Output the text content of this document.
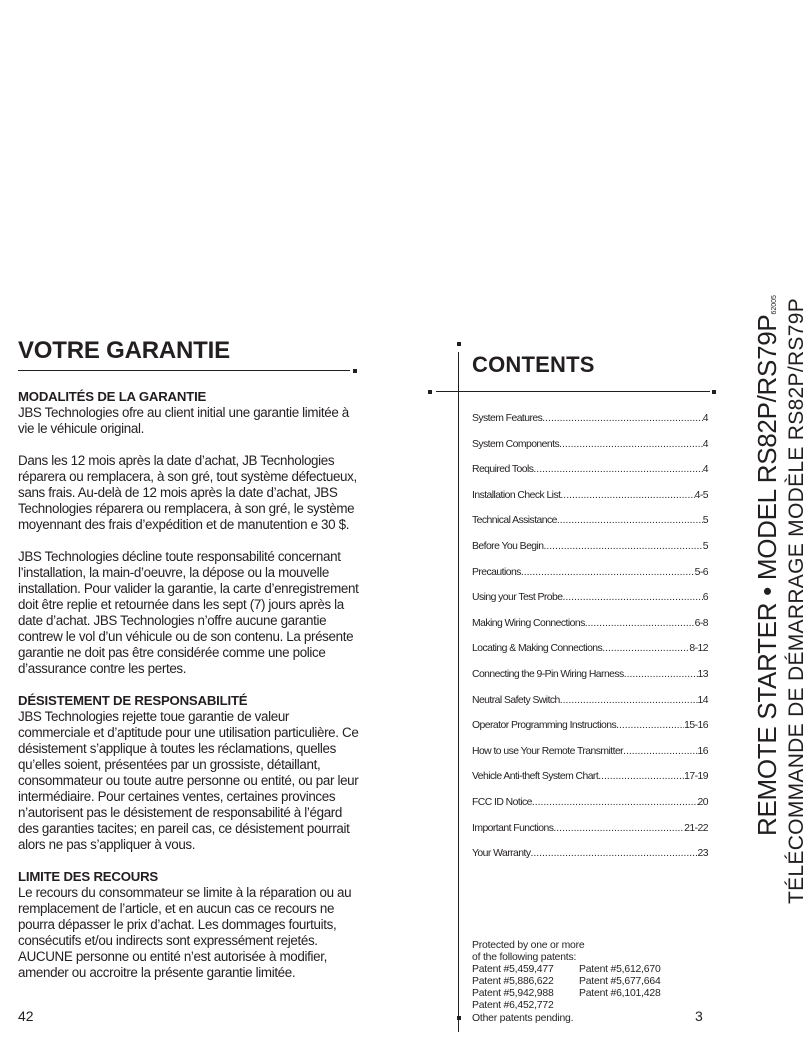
VOTRE GARANTIE
MODALITÉS DE LA GARANTIE

JBS Technologies ofre au client initial une garantie limitée à vie le véhicule original.

Dans les 12 mois après la date d’achat, JB Tecnhologies réparera ou remplacera, à son gré, tout système défectueux, sans frais. Au-delà de 12 mois après la date d’achat, JBS Technologies réparera ou remplacera, à son gré, le système moyennant des frais d’expédition et de manutention e 30 $.

JBS Technologies décline toute responsabilité concernant l’installation, la main-d’oeuvre, la dépose ou la mouvelle installation. Pour valider la garantie, la carte d’enregistrement doit être replie et retournée dans les sept (7) jours après la date d’achat. JBS Technologies n’offre aucune garantie contrew le vol d’un véhicule ou de son contenu. La présente garantie ne doit pas être considérée comme une police d’assurance contre les pertes.

DÉSISTEMENT DE RESPONSABILITÉ

JBS Technologies rejette toue garantie de valeur commerciale et d’aptitude pour une utilisation particulière. Ce désistement s’applique à toutes les réclamations, quelles qu’elles soient, présentées par un grossiste, détaillant, consommateur ou toute autre personne ou entité, ou par leur intermédiaire. Pour certaines ventes, certaines provinces n’autorisent pas le désistement de responsabilité à l’égard des garanties tacites; en pareil cas, ce désistement pourrait alors ne pas s’appliquer à vous.

LIMITE DES RECOURS

Le recours du consommateur se limite à la réparation ou au remplacement de l’article, et en aucun cas ce recours ne pourra dépasser le prix d’achat. Les dommages fourtuits, consécutifs et/ou indirects sont expressément rejetés. AUCUNE personne ou entité n’est autorisée à modifier, amender ou accroitre la présente garantie limitée.

42
CONTENTS
System Features .....	4
System Components .....	4
Required Tools .....	4
Installation Check List .....	4-5
Technical Assistance .....	5
Before You Begin .....	5
Precautions .....	5-6
Using your Test Probe .....	6
Making Wiring Connections .....	6-8
Locating & Making Connections .....	8-12
Connecting the 9-Pin Wiring Harness .....	13
Neutral Safety Switch .....	14
Operator Programming Instructions .....	15-16
How to use Your Remote Transmitter .....	16
Vehicle Anti-theft System Chart .....	17-19
FCC ID Notice .....	20
Important Functions .....	21-22
Your Warranty .....	23
Protected by one or more
of the following patents:
Patent #5,459,477	Patent #5,612,670
Patent #5,886,622	Patent #5,677,664
Patent #5,942,988	Patent #6,101,428
Patent #6,452,772
Other patents pending.	3
REMOTE STARTER • MODEL RS82P/RS79P62005 TÉLÉCOMMANDE DE DÉMARRAGE MODÈLE RS82P/RS79P
